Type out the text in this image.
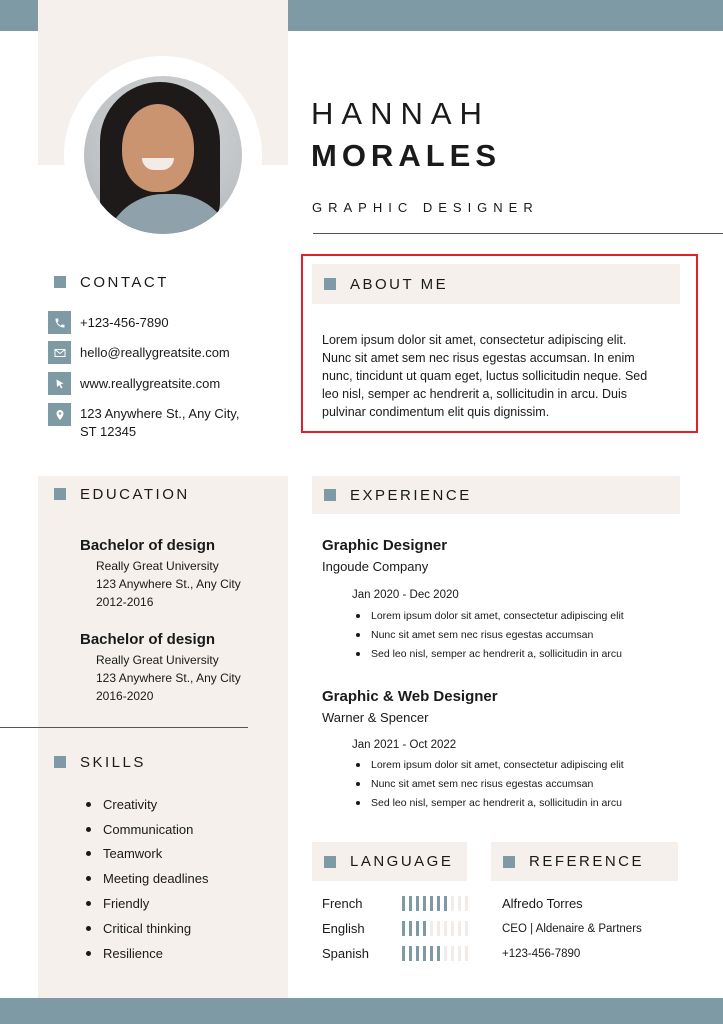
HANNAH
MORALES
GRAPHIC DESIGNER
CONTACT
+123-456-7890
hello@reallygreatsite.com
www.reallygreatsite.com
123 Anywhere St., Any City,
ST 12345
ABOUT ME
Lorem ipsum dolor sit amet, consectetur adipiscing elit.
Nunc sit amet sem nec risus egestas accumsan. In enim
nunc, tincidunt ut quam eget, luctus sollicitudin neque. Sed
leo nisl, semper ac hendrerit a, sollicitudin in arcu. Duis
pulvinar condimentum elit quis dignissim.
EDUCATION
Bachelor of design
Really Great University
123 Anywhere St., Any City
2012-2016
Bachelor of design
Really Great University
123 Anywhere St., Any City
2016-2020
SKILLS
Creativity
Communication
Teamwork
Meeting deadlines
Friendly
Critical thinking
Resilience
EXPERIENCE
Graphic Designer
Ingoude Company
Jan 2020 - Dec 2020
Lorem ipsum dolor sit amet, consectetur adipiscing elit
Nunc sit amet sem nec risus egestas accumsan
Sed leo nisl, semper ac hendrerit a, sollicitudin in arcu
Graphic & Web Designer
Warner & Spencer
Jan 2021 - Oct 2022
Lorem ipsum dolor sit amet, consectetur adipiscing elit
Nunc sit amet sem nec risus egestas accumsan
Sed leo nisl, semper ac hendrerit a, sollicitudin in arcu
LANGUAGE
French
English
Spanish
REFERENCE
Alfredo Torres
CEO | Aldenaire & Partners
+123-456-7890
